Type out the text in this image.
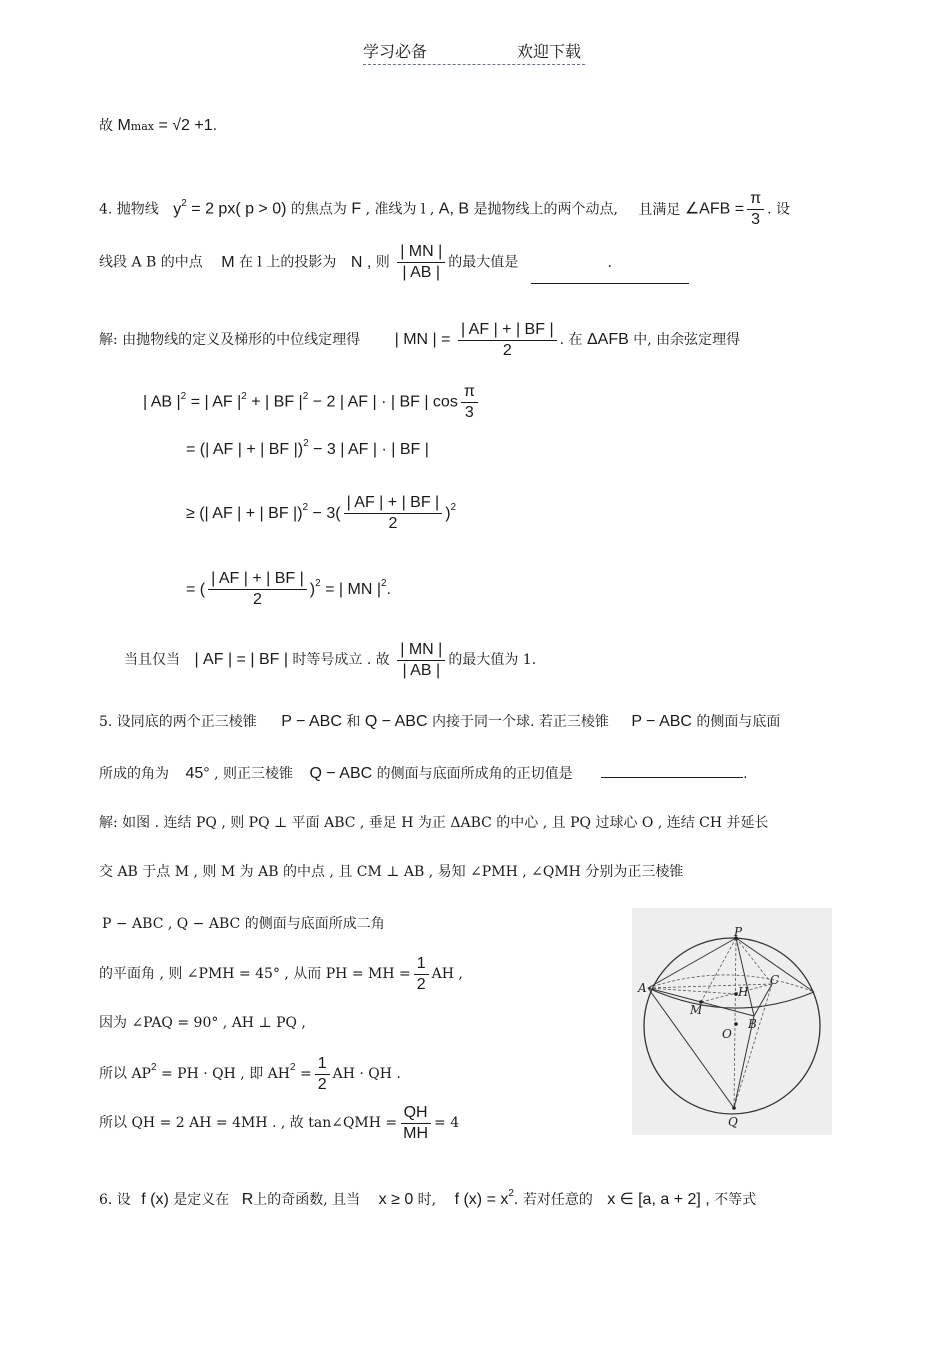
学习必备	欢迎下载
故 Mmax = √2 +1.
4. 抛物线 $y^2 = 2$ px( p > 0) 的焦点为 F , 准线为 l , A, B 是抛物线上的两个动点, 且满足 ∠AFB = $\frac{\pi}{3}$ . 设
线段 A B 的中点 M 在 l 上的投影为 N , 则 $\frac{| MN |}{| AB |}$ 的最大值是	.
解: 由抛物线的定义及梯形的中位线定理得 | MN | = $\frac{| AF | + | BF |}{2}$ . 在 ΔAFB 中, 由余弦定理得
| AB $|^2$ = | AF $|^2$ + | BF $|^2 - 2$ | AF | · | BF | $\cos \frac{\pi}{3}$
= (| AF | + | BF |)$^2$ − 3 | AF | · | BF |
≥ (| AF | + | BF $|)^2 - 3( \frac{| AF | + | BF |}{2} )^2$
= ( $\frac{| AF | + | BF |}{2} )^2$ = | MN $|^2$.
当且仅当 | AF | = | BF | 时等号成立 . 故 $\frac{| MN |}{| AB |}$ 的最大值为 1.
5. 设同底的两个正三棱锥 P − ABC 和 Q − ABC 内接于同一个球. 若正三棱锥 P − ABC 的侧面与底面
所成的角为 45° , 则正三棱锥 Q − ABC 的侧面与底面所成角的正切值是	.
解: 如图 . 连结 PQ , 则 PQ ⊥ 平面 ABC , 垂足 H 为正 ΔABC 的中心 , 且 PQ 过球心 O , 连结 CH 并延长
交 AB 于点 M , 则 M 为 AB 的中点 , 且 CM ⊥ AB , 易知 ∠PMH , ∠QMH 分别为正三棱锥
P − ABC , Q − ABC 的侧面与底面所成二角
的平面角 , 则 ∠PMH = 45° , 从而 PH = MH = $\frac{1}{2}$ AH ,
因为 ∠PAQ = 90° , AH ⊥ PQ ,
所以 $AP^2$ = PH · QH , 即 $AH^2 = \frac{1}{2}$ AH · QH .
所以 QH = 2 AH = 4MH . , 故 tan∠QMH = $\frac{QH}{MH} = 4$
P
A
C
H
M
B
O
Q
6. 设 f (x) 是定义在 R上的奇函数, 且当 x ≥ 0 时, f $(x) = x^2$. 若对任意的 x ∈ [a, a + 2] , 不等式
